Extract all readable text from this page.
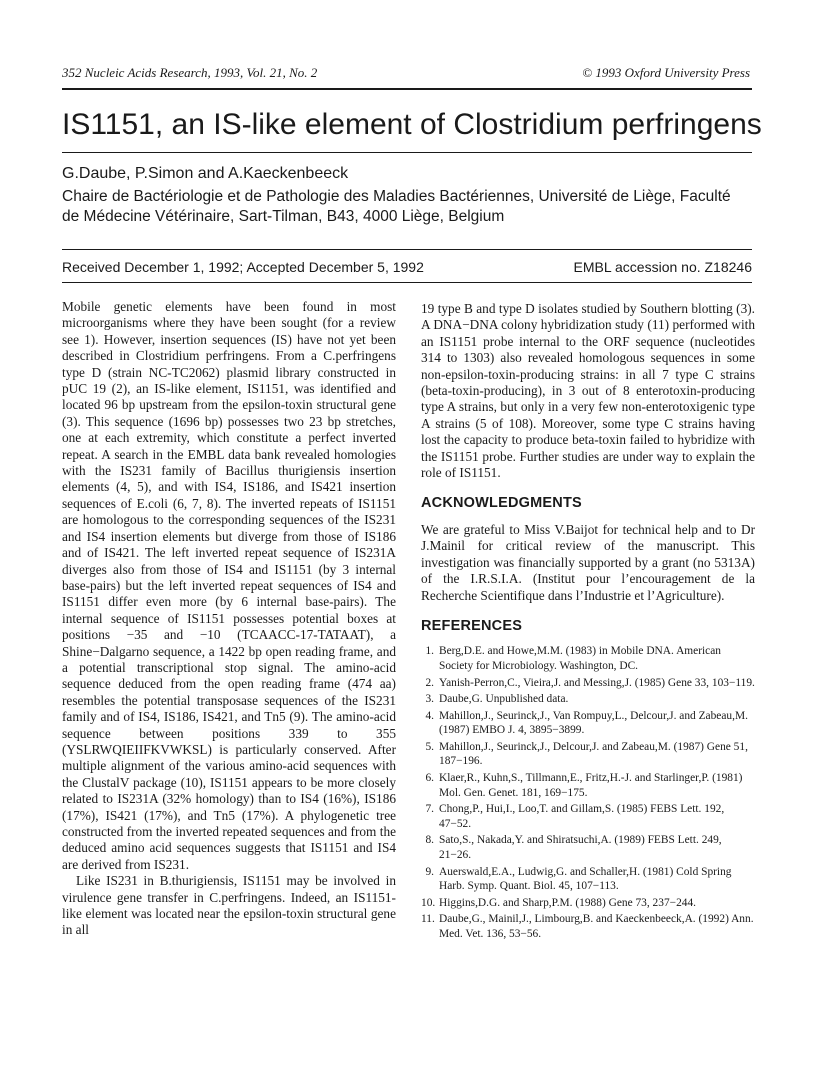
352 Nucleic Acids Research, 1993, Vol. 21, No. 2	© 1993 Oxford University Press
IS1151, an IS-like element of Clostridium perfringens
G.Daube, P.Simon and A.Kaeckenbeeck
Chaire de Bactériologie et de Pathologie des Maladies Bactériennes, Université de Liège, Faculté de Médecine Vétérinaire, Sart-Tilman, B43, 4000 Liège, Belgium
Received December 1, 1992; Accepted December 5, 1992	EMBL accession no. Z18246

Mobile genetic elements have been found in most microorganisms where they have been sought (for a review see 1). However, insertion sequences (IS) have not yet been described in Clostridium perfringens. From a C.perfringens type D (strain NC-TC2062) plasmid library constructed in pUC 19 (2), an IS-like element, IS1151, was identified and located 96 bp upstream from the epsilon-toxin structural gene (3). This sequence (1696 bp) possesses two 23 bp stretches, one at each extremity, which constitute a perfect inverted repeat. A search in the EMBL data bank revealed homologies with the IS231 family of Bacillus thurigiensis insertion elements (4, 5), and with IS4, IS186, and IS421 insertion sequences of E.coli (6, 7, 8). The inverted repeats of IS1151 are homologous to the corresponding sequences of the IS231 and IS4 insertion elements but diverge from those of IS186 and of IS421. The left inverted repeat sequence of IS231A diverges also from those of IS4 and IS1151 (by 3 internal base-pairs) but the left inverted repeat sequences of IS4 and IS1151 differ even more (by 6 internal base-pairs). The internal sequence of IS1151 possesses potential boxes at positions −35 and −10 (TCAACC-17-TATAAT), a Shine−Dalgarno sequence, a 1422 bp open reading frame, and a potential transcriptional stop signal. The amino-acid sequence deduced from the open reading frame (474 aa) resembles the potential transposase sequences of the IS231 family and of IS4, IS186, IS421, and Tn5 (9). The amino-acid sequence between positions 339 to 355 (YSLRWQIEIIFKVWKSL) is particularly conserved. After multiple alignment of the various amino-acid sequences with the ClustalV package (10), IS1151 appears to be more closely related to IS231A (32% homology) than to IS4 (16%), IS186 (17%), IS421 (17%), and Tn5 (17%). A phylogenetic tree constructed from the inverted repeated sequences and from the deduced amino acid sequences suggests that IS1151 and IS4 are derived from IS231.

Like IS231 in B.thurigiensis, IS1151 may be involved in virulence gene transfer in C.perfringens. Indeed, an IS1151-like element was located near the epsilon-toxin structural gene in all

19 type B and type D isolates studied by Southern blotting (3). A DNA−DNA colony hybridization study (11) performed with an IS1151 probe internal to the ORF sequence (nucleotides 314 to 1303) also revealed homologous sequences in some non-epsilon-toxin-producing strains: in all 7 type C strains (beta-toxin-producing), in 3 out of 8 enterotoxin-producing type A strains, but only in a very few non-enterotoxigenic type A strains (5 of 108). Moreover, some type C strains having lost the capacity to produce beta-toxin failed to hybridize with the IS1151 probe. Further studies are under way to explain the role of IS1151.

ACKNOWLEDGMENTS

We are grateful to Miss V.Baijot for technical help and to Dr J.Mainil for critical review of the manuscript. This investigation was financially supported by a grant (no 5313A) of the I.R.S.I.A. (Institut pour l’encouragement de la Recherche Scientifique dans l’Industrie et l’Agriculture).

REFERENCES
1. Berg,D.E. and Howe,M.M. (1983) in Mobile DNA. American Society for Microbiology. Washington, DC.
2. Yanish-Perron,C., Vieira,J. and Messing,J. (1985) Gene 33, 103−119.
3. Daube,G. Unpublished data.
4. Mahillon,J., Seurinck,J., Van Rompuy,L., Delcour,J. and Zabeau,M. (1987) EMBO J. 4, 3895−3899.
5. Mahillon,J., Seurinck,J., Delcour,J. and Zabeau,M. (1987) Gene 51, 187−196.
6. Klaer,R., Kuhn,S., Tillmann,E., Fritz,H.-J. and Starlinger,P. (1981) Mol. Gen. Genet. 181, 169−175.
7. Chong,P., Hui,I., Loo,T. and Gillam,S. (1985) FEBS Lett. 192, 47−52.
8. Sato,S., Nakada,Y. and Shiratsuchi,A. (1989) FEBS Lett. 249, 21−26.
9. Auerswald,E.A., Ludwig,G. and Schaller,H. (1981) Cold Spring Harb. Symp. Quant. Biol. 45, 107−113.
10. Higgins,D.G. and Sharp,P.M. (1988) Gene 73, 237−244.
11. Daube,G., Mainil,J., Limbourg,B. and Kaeckenbeeck,A. (1992) Ann. Med. Vet. 136, 53−56.
